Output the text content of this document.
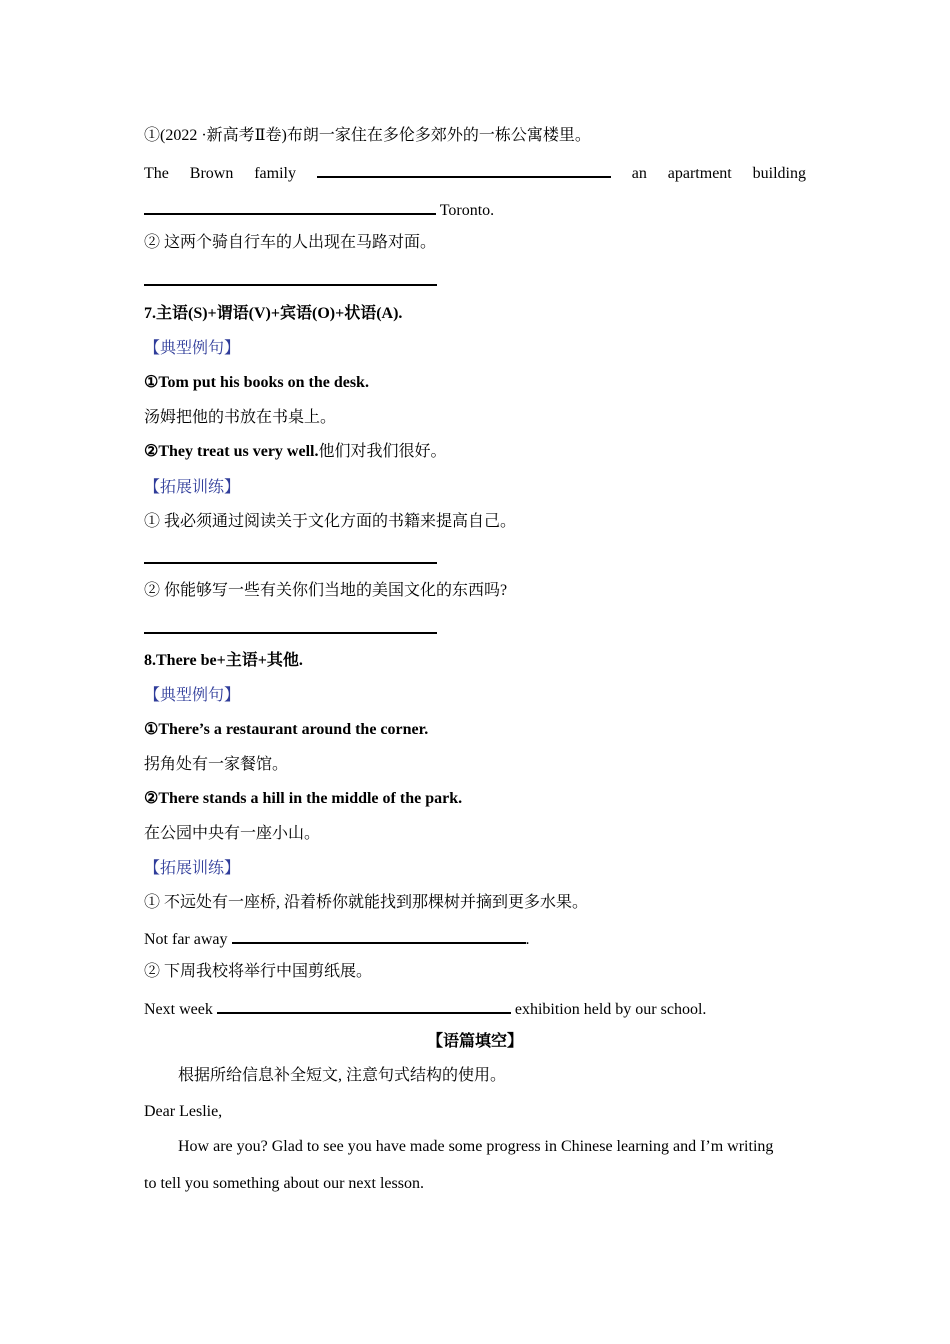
①(2022 ·新高考Ⅱ卷)布朗一家住在多伦多郊外的一栋公寓楼里。
The Brown family	an apartment building
Toronto.
② 这两个骑自行车的人出现在马路对面。
7.主语(S)+谓语(V)+宾语(O)+状语(A).
【典型例句】
①Tom put his books on the desk.
汤姆把他的书放在书桌上。
②They treat us very well.他们对我们很好。
【拓展训练】
① 我必须通过阅读关于文化方面的书籍来提高自己。
② 你能够写一些有关你们当地的美国文化的东西吗?
8.There be+主语+其他.
【典型例句】
①There’s a restaurant around the corner.
拐角处有一家餐馆。
②There stands a hill in the middle of the park.
在公园中央有一座小山。
【拓展训练】
① 不远处有一座桥, 沿着桥你就能找到那棵树并摘到更多水果。
Not far away	.
② 下周我校将举行中国剪纸展。
Next week	exhibition held by our school.
【语篇填空】
根据所给信息补全短文, 注意句式结构的使用。
Dear Leslie,
How are you? Glad to see you have made some progress in Chinese learning and I’m writing
to tell you something about our next lesson.
